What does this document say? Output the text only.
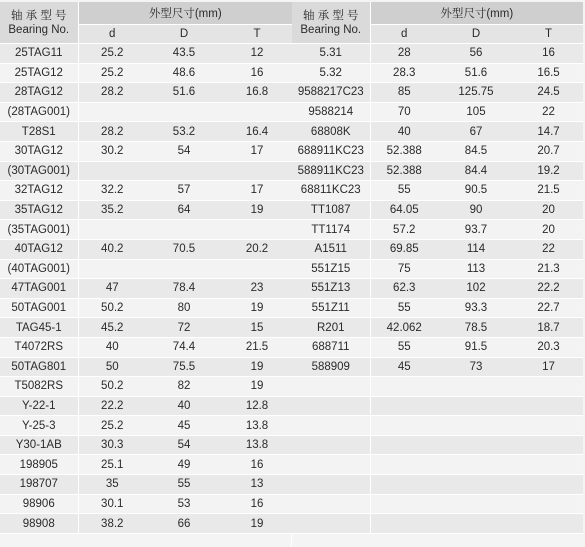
轴 承 型 号
Bearing No.	外型尺寸(mm)		
	d	D	T
25TAG11	25.2	43.5	12
25TAG12	25.2	48.6	16
28TAG12	28.2	51.6	16.8
(28TAG001)			
T28S1	28.2	53.2	16.4
30TAG12	30.2	54	17
(30TAG001)			
32TAG12	32.2	57	17
35TAG12	35.2	64	19
(35TAG001)			
40TAG12	40.2	70.5	20.2
(40TAG001)			
47TAG001	47	78.4	23
50TAG001	50.2	80	19
TAG45-1	45.2	72	15
T4072RS	40	74.4	21.5
50TAG801	50	75.5	19
T5082RS	50.2	82	19
Y-22-1	22.2	40	12.8
Y-25-3	25.2	45	13.8
Y30-1AB	30.3	54	13.8
198905	25.1	49	16
198707	35	55	13
98906	30.1	53	16
98908	38.2	66	19
轴 承 型 号
Bearing No.	外型尺寸(mm)		
	d	D	T
5.31	28	56	16
5.32	28.3	51.6	16.5
9588217C23	85	125.75	24.5
9588214	70	105	22
68808K	40	67	14.7
688911KC23	52.388	84.5	20.7
588911KC23	52.388	84.4	19.2
68811KC23	55	90.5	21.5
TT1087	64.05	90	20
TT1174	57.2	93.7	20
A1511	69.85	114	22
551Z15	75	113	21.3
551Z13	62.3	102	22.2
551Z11	55	93.3	22.7
R201	42.062	78.5	18.7
688711	55	91.5	20.3
588909	45	73	17
